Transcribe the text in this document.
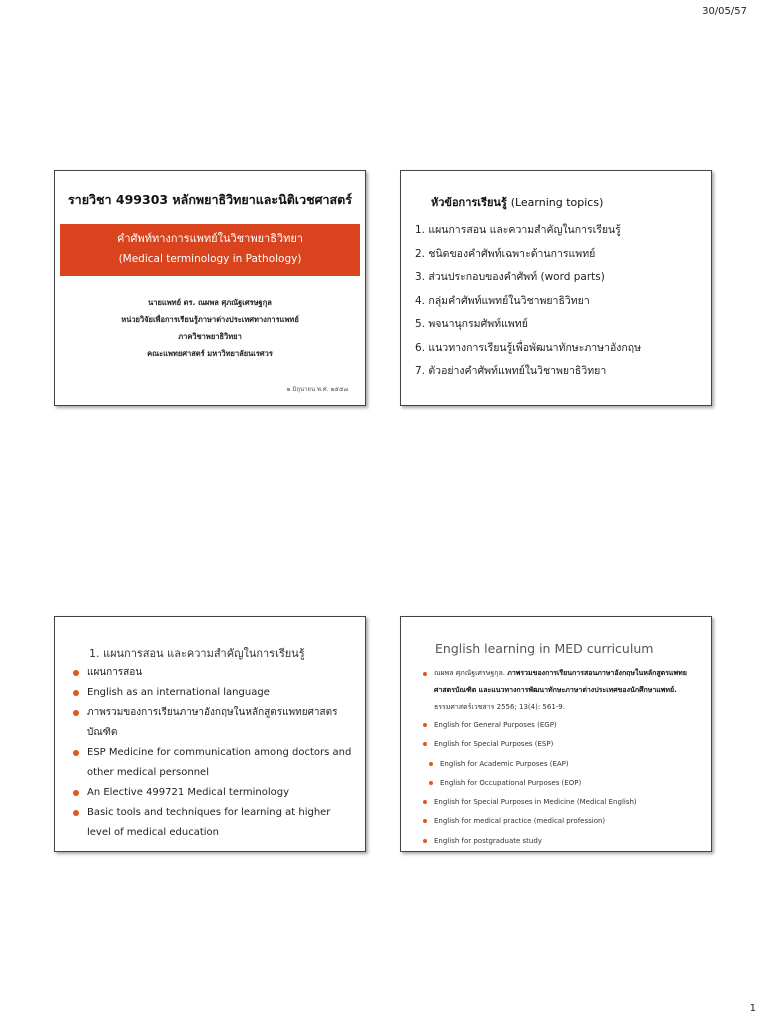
30/05/57
รายวิชา 499303 หลักพยาธิวิทยาและนิติเวชศาสตร์
คำศัพท์ทางการแพทย์ในวิชาพยาธิวิทยา
(Medical terminology in Pathology)
นายแพทย์ ดร. ณผพล ศุภณัฐเศรษฐกุล
หน่วยวิจัยเพื่อการเรียนรู้ภาษาต่างประเทศทางการแพทย์
ภาควิชาพยาธิวิทยา
คณะแพทยศาสตร์ มหาวิทยาลัยนเรศวร
๒ มิถุนายน พ.ศ. ๒๕๕๗
หัวข้อการเรียนรู้ (Learning topics)
1. แผนการสอน และความสำคัญในการเรียนรู้
2. ชนิดของคำศัพท์เฉพาะด้านการแพทย์
3. ส่วนประกอบของคำศัพท์ (word parts)
4. กลุ่มคำศัพท์แพทย์ในวิชาพยาธิวิทยา
5. พจนานุกรมศัพท์แพทย์
6. แนวทางการเรียนรู้เพื่อพัฒนาทักษะภาษาอังกฤษ
7. ตัวอย่างคำศัพท์แพทย์ในวิชาพยาธิวิทยา
1. แผนการสอน และความสำคัญในการเรียนรู้
แผนการสอน
English as an international language
ภาพรวมของการเรียนภาษาอังกฤษในหลักสูตรแพทยศาสตรบัณฑิต
ESP Medicine for communication among doctors and other medical personnel
An Elective 499721 Medical terminology
Basic tools and techniques for learning at higher level of medical education
English learning in MED curriculum
ณผพล ศุภณัฐเศรษฐกุล. ภาพรวมของการเรียนการสอนภาษาอังกฤษในหลักสูตรแพทยศาสตรบัณฑิต และแนวทางการพัฒนาทักษะภาษาต่างประเทศของนักศึกษาแพทย์. ธรรมศาสตร์เวชสาร 2556; 13(4): 561-9.
English for General Purposes (EGP)
English for Special Purposes (ESP)
English for Academic Purposes (EAP)
English for Occupational Purposes (EOP)
English for Special Purposes in Medicine (Medical English)
English for medical practice (medical profession)
English for postgraduate study
1
